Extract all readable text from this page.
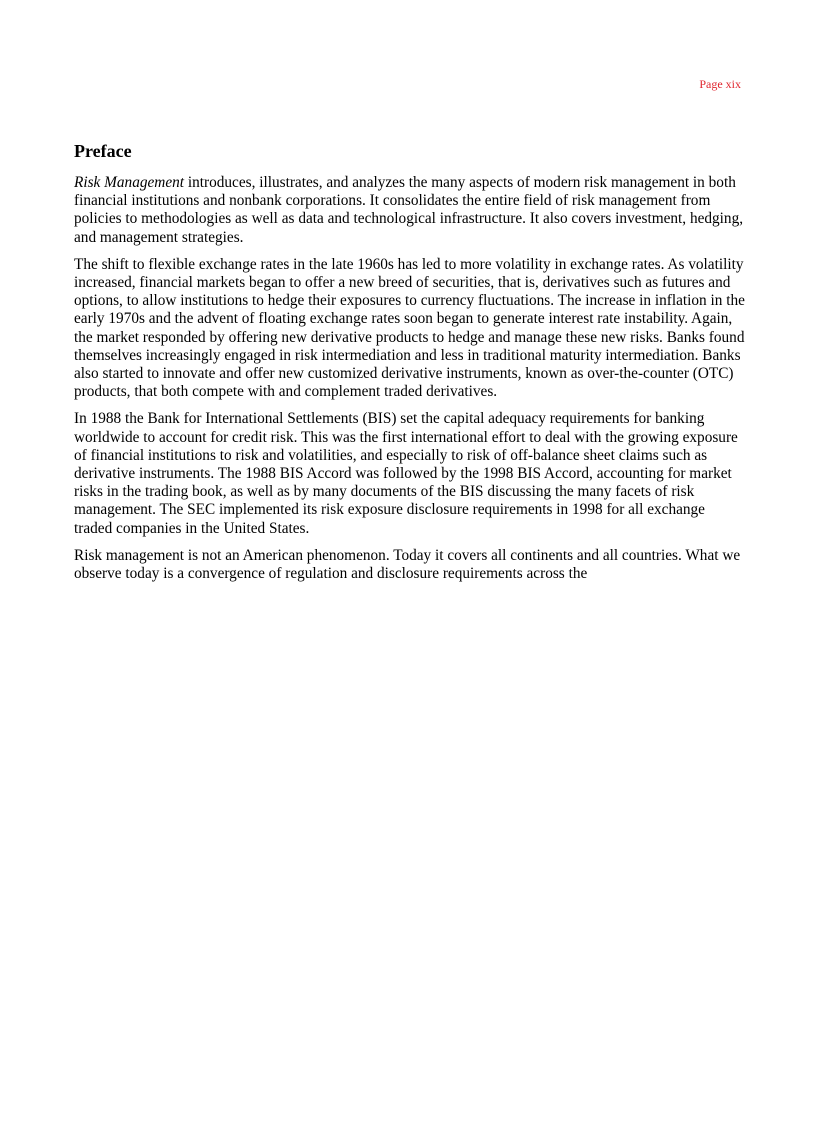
Page xix
Preface

Risk Management introduces, illustrates, and analyzes the many aspects of modern risk management in both financial institutions and nonbank corporations. It consolidates the entire field of risk management from policies to methodologies as well as data and technological infrastructure. It also covers investment, hedging, and management strategies.

The shift to flexible exchange rates in the late 1960s has led to more volatility in exchange rates. As volatility increased, financial markets began to offer a new breed of securities, that is, derivatives such as futures and options, to allow institutions to hedge their exposures to currency fluctuations. The increase in inflation in the early 1970s and the advent of floating exchange rates soon began to generate interest rate instability. Again, the market responded by offering new derivative products to hedge and manage these new risks. Banks found themselves increasingly engaged in risk intermediation and less in traditional maturity intermediation. Banks also started to innovate and offer new customized derivative instruments, known as over-the-counter (OTC) products, that both compete with and complement traded derivatives.

In 1988 the Bank for International Settlements (BIS) set the capital adequacy requirements for banking worldwide to account for credit risk. This was the first international effort to deal with the growing exposure of financial institutions to risk and volatilities, and especially to risk of off-balance sheet claims such as derivative instruments. The 1988 BIS Accord was followed by the 1998 BIS Accord, accounting for market risks in the trading book, as well as by many documents of the BIS discussing the many facets of risk management. The SEC implemented its risk exposure disclosure requirements in 1998 for all exchange traded companies in the United States.

Risk management is not an American phenomenon. Today it covers all continents and all countries. What we observe today is a convergence of regulation and disclosure requirements across the
